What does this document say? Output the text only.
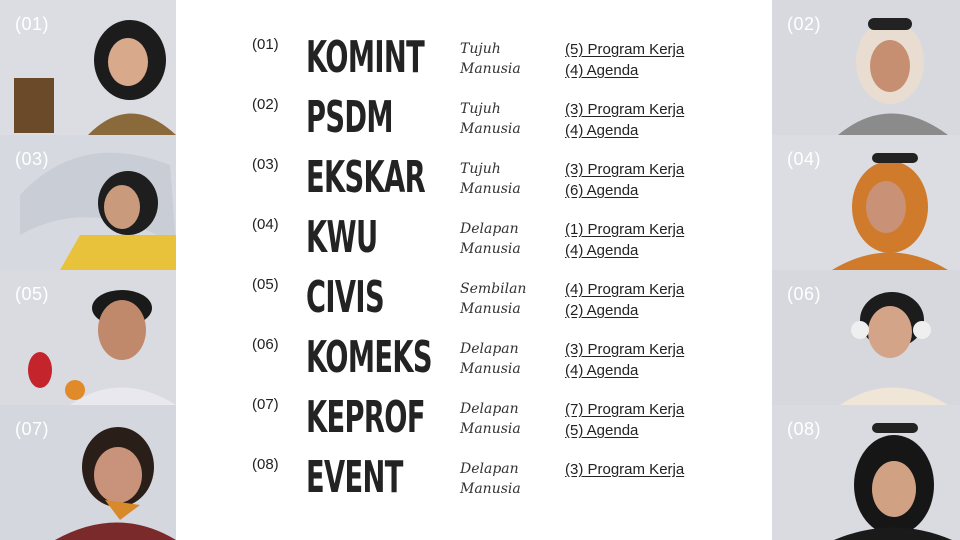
(01)
(03)
(05)
(07)
(02)
(04)
(06)
(08)
(01) KOMINT	Tujuh
Manusia
(5) Program Kerja
(4) Agenda
(02) PSDM	Tujuh
Manusia
(3) Program Kerja
(4) Agenda
(03) EKSKAR	Tujuh
Manusia
(3) Program Kerja
(6) Agenda
(04) KWU	Delapan
Manusia
(1) Program Kerja
(4) Agenda
(05) CIVIS	Sembilan
Manusia
(4) Program Kerja
(2) Agenda
(06) KOMEKS Delapan
Manusia
(3) Program Kerja
(4) Agenda
(07) KEPROF	Delapan
Manusia
(7) Program Kerja
(5) Agenda
(08) EVENT	Delapan
Manusia
(3) Program Kerja
